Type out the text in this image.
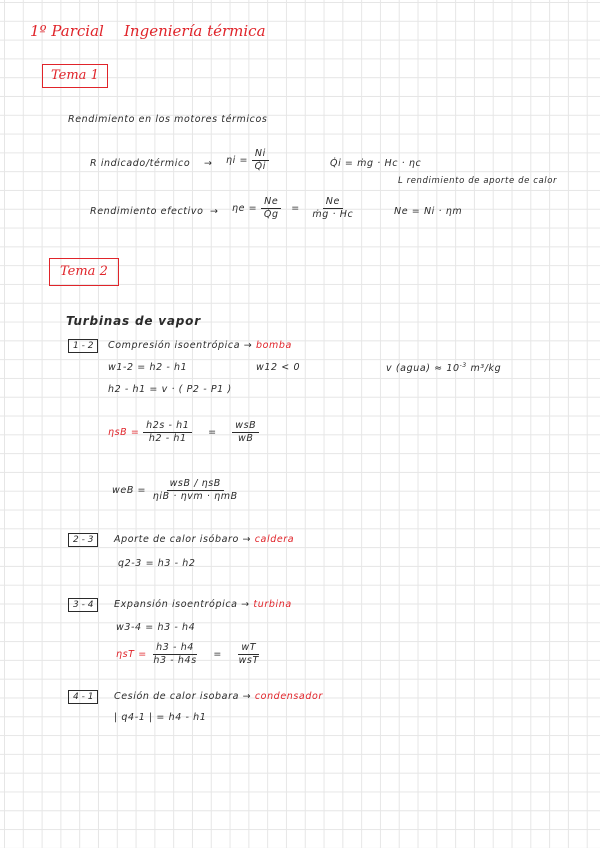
1º Parcial Ingeniería térmica
Tema 1
Rendimiento en los motores térmicos
R indicado/térmico → $\eta i = \frac{Ni}{Q̇i}$	Q̇i = ṁg · Hc · ηc
L rendimiento de aporte de calor
Rendimiento efectivo → $\eta e = \frac{Ne}{Q̇g} = \frac{Ne}{\text{ṁg · Hc}}$	Ne = Ni · ηm
Tema 2
Turbinas de vapor
1 - 2	Compresión isoentrópica → bomba
w1-2 = h2 - h1	w12 < 0	v (agua) ≈ $10^{-3}$ m³/kg
h2 - h1 = v · ( P2 - P1 )
$\eta sB = \frac{h2s - h1}{h2 - h1} = \frac{\text{wsB}}{wB}$
weB = $\frac{\text{wsB / ηsB}}{\text{ηiB · ηvm · ηmB}}$
2 - 3	Aporte de calor isóbaro → caldera
q2-3 = h3 - h2
3 - 4	Expansión isoentrópica → turbina
w3-4 = h3 - h4
$\eta sT = \frac{h3 - h4}{h3 - h4s} = \frac{wT}{\text{wsT}}$
4 - 1	Cesión de calor isobara → condensador
| q4-1 | = h4 - h1
